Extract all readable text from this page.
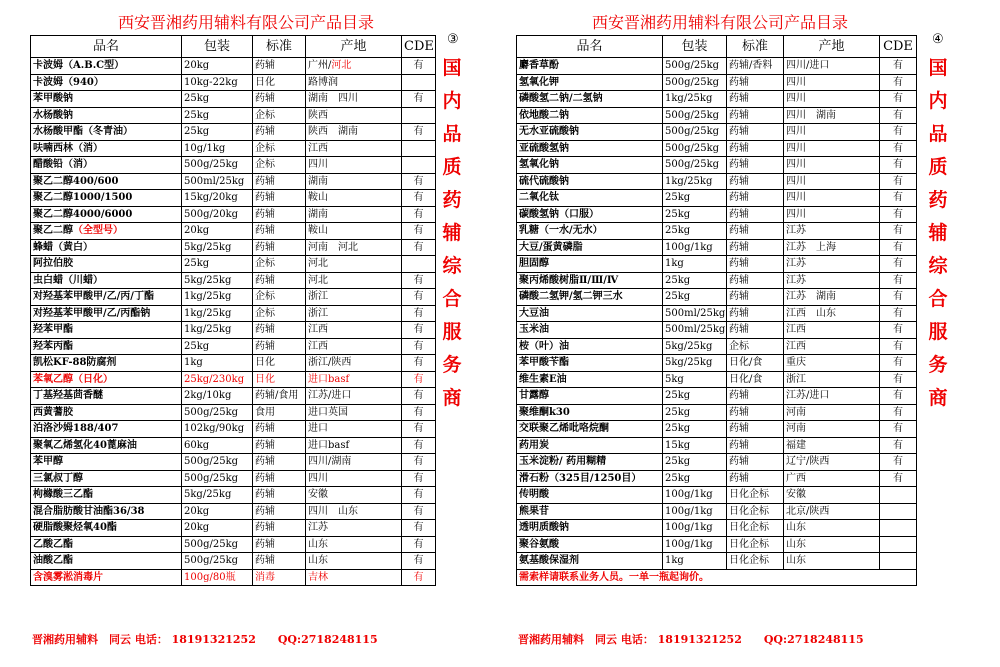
西安晋湘药用辅料有限公司产品目录
③
品名	包装	标准	产地	CDE
卡波姆（A.B.C型）	20kg	药辅	广州/河北	有
卡波姆（940）	10kg-22kg	日化	路博润	
苯甲酸钠	25kg	药辅	湖南　四川	有
水杨酸钠	25kg	企标	陕西	
水杨酸甲酯（冬青油）	25kg	药辅	陕西　湖南	有
呋喃西林（消）	10g/1kg	企标	江西	
醋酸铅（消）	500g/25kg	企标	四川	
聚乙二醇400/600	500ml/25kg	药辅	湖南	有
聚乙二醇1000/1500	15kg/20kg	药辅	鞍山	有
聚乙二醇4000/6000	500g/20kg	药辅	湖南	有
聚乙二醇（全型号）	20kg	药辅	鞍山	有
蜂蜡（黄白）	5kg/25kg	药辅	河南　河北	有
阿拉伯胶	25kg	企标	河北	
虫白蜡（川蜡）	5kg/25kg	药辅	河北	有
对羟基苯甲酸甲/乙/丙/丁酯	1kg/25kg	企标	浙江	有
对羟基苯甲酸甲/乙/丙酯钠	1kg/25kg	企标	浙江	有
羟苯甲酯	1kg/25kg	药辅	江西	有
羟苯丙酯	25kg	药辅	江西	有
凯松KF-88防腐剂	1kg	日化	浙江/陕西	有
苯氧乙醇（日化）	25kg/230kg	日化	进口basf	有
丁基羟基茴香醚	2kg/10kg	药辅/食用	江苏/进口	有
西黄蓍胶	500g/25kg	食用	进口英国	有
泊洛沙姆188/407	102kg/90kg	药辅	进口	有
聚氧乙烯氢化40蓖麻油	60kg	药辅	进口basf	有
苯甲醇	500g/25kg	药辅	四川/湖南	有
三氯叔丁醇	500g/25kg	药辅	四川	有
枸橼酸三乙酯	5kg/25kg	药辅	安徽	有
混合脂肪酸甘油酯36/38	20kg	药辅	四川　山东	有
硬脂酸聚烃氧40酯	20kg	药辅	江苏	有
乙酸乙酯	500g/25kg	药辅	山东	有
油酸乙酯	500g/25kg	药辅	山东	有
含溴雾淞消毒片	100g/80瓶	消毒	吉林	有
国
内
品
质
药
辅
综
合
服
务
商
晋湘药用辅料　同云 电话： 18191321252　　QQ:2718248115
西安晋湘药用辅料有限公司产品目录
④
品名	包装	标准	产地	CDE
麝香草酚	500g/25kg	药辅/香料	四川/进口	有
氢氧化钾	500g/25kg	药辅	四川	有
磷酸氢二钠/二氢钠	1kg/25kg	药辅	四川	有
依地酸二钠	500g/25kg	药辅	四川　湖南	有
无水亚硫酸钠	500g/25kg	药辅	四川	有
亚硫酸氢钠	500g/25kg	药辅	四川	有
氢氧化钠	500g/25kg	药辅	四川	有
硫代硫酸钠	1kg/25kg	药辅	四川	有
二氧化钛	25kg	药辅	四川	有
碳酸氢钠（口服）	25kg	药辅	四川	有
乳糖（一水/无水）	25kg	药辅	江苏	有
大豆/蛋黄磷脂	100g/1kg	药辅	江苏　上海	有
胆固醇	1kg	药辅	江苏	有
聚丙烯酸树脂Ⅱ/Ⅲ/Ⅳ	25kg	药辅	江苏	有
磷酸二氢钾/氢二钾三水	25kg	药辅	江苏　湖南	有
大豆油	500ml/25kg	药辅	江西　山东	有
玉米油	500ml/25kg	药辅	江西	有
桉（叶）油	5kg/25kg	企标	江西	有
苯甲酸苄酯	5kg/25kg	日化/食	重庆	有
维生素E油	5kg	日化/食	浙江	有
甘露醇	25kg	药辅	江苏/进口	有
聚维酮k30	25kg	药辅	河南	有
交联聚乙烯吡咯烷酮	25kg	药辅	河南	有
药用炭	15kg	药辅	福建	有
玉米淀粉/ 药用糊精	25kg	药辅	辽宁/陕西	有
滑石粉（325目/1250目）	25kg	药辅	广西	有
传明酸	100g/1kg	日化企标	安徽	
熊果苷	100g/1kg	日化企标	北京/陕西	
透明质酸钠	100g/1kg	日化企标	山东	
聚谷氨酸	100g/1kg	日化企标	山东	
氨基酸保湿剂	1kg	日化企标	山东	
需索样请联系业务人员。一单一瓶起询价。				
国
内
品
质
药
辅
综
合
服
务
商
晋湘药用辅料　同云 电话： 18191321252　　QQ:2718248115
